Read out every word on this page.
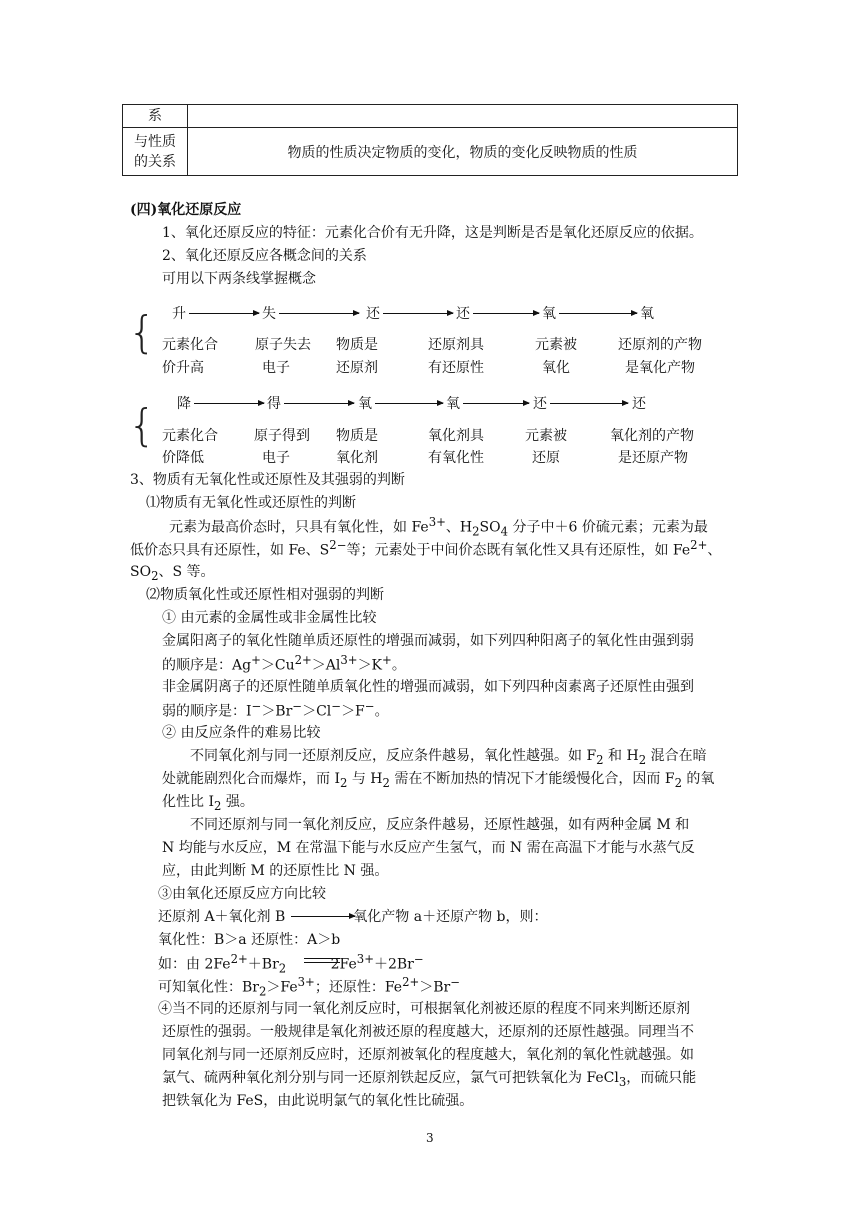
系	

与性质
的关系	物质的性质决定物质的变化，物质的变化反映物质的性质
(四)氧化还原反应
1、氧化还原反应的特征：元素化合价有无升降，这是判断是否是氧化还原反应的依据。
2、氧化还原反应各概念间的关系
可用以下两条线掌握概念
{ 升	失	还	还	氧	氧
元素化合	原子失去 物质是	还原剂具	元素被	还原剂的产物
价升高	电子	还原剂	有还原性	氧化	是氧化产物
{ 降	得	氧	氧	还	还
元素化合	原子得到 物质是	氧化剂具	元素被	氧化剂的产物
价降低	电子	氧化剂	有氧化性	还原	是还原产物
3、物质有无氧化性或还原性及其强弱的判断
⑴物质有无氧化性或还原性的判断
元素为最高价态时，只具有氧化性，如 $Fe^{3+}$、$H_2SO_4$ 分子中＋6 价硫元素；元素为最
低价态只具有还原性，如 Fe、$S^{2-}$等；元素处于中间价态既有氧化性又具有还原性，如 $Fe^{2+}$、
$SO_2$、S 等。
⑵物质氧化性或还原性相对强弱的判断
① 由元素的金属性或非金属性比较
金属阳离子的氧化性随单质还原性的增强而减弱，如下列四种阳离子的氧化性由强到弱
的顺序是：$Ag^+>Cu^{2+}>Al^{3+}>K^+$。
非金属阴离子的还原性随单质氧化性的增强而减弱，如下列四种卤素离子还原性由强到
弱的顺序是：I−＞Br−＞Cl−＞F−。
② 由反应条件的难易比较
不同氧化剂与同一还原剂反应，反应条件越易，氧化性越强。如 $F_2$ 和 $H_2$ 混合在暗
处就能剧烈化合而爆炸，而 $I_2$ 与 $H_2$ 需在不断加热的情况下才能缓慢化合，因而 $F_2$ 的氧
化性比 $I_2$ 强。
不同还原剂与同一氧化剂反应，反应条件越易，还原性越强，如有两种金属 M 和
N 均能与水反应，M 在常温下能与水反应产生氢气，而 N 需在高温下才能与水蒸气反
应，由此判断 M 的还原性比 N 强。
③由氧化还原反应方向比较
还原剂 A＋氧化剂 B	氧化产物 a＋还原产物 b，则：
氧化性：B＞a 还原性：A＞b
如：由 $2Fe^{2+}+Br_2$	$2Fe^{3+}+2Br^-$
可知氧化性：$Br_2>Fe^{3+}$；还原性：$Fe^{2+}>Br^-$
④当不同的还原剂与同一氧化剂反应时，可根据氧化剂被还原的程度不同来判断还原剂
还原性的强弱。一般规律是氧化剂被还原的程度越大，还原剂的还原性越强。同理当不
同氧化剂与同一还原剂反应时，还原剂被氧化的程度越大，氧化剂的氧化性就越强。如
氯气、硫两种氧化剂分别与同一还原剂铁起反应，氯气可把铁氧化为 FeCl$_3$，而硫只能
把铁氧化为 FeS，由此说明氯气的氧化性比硫强。
3
